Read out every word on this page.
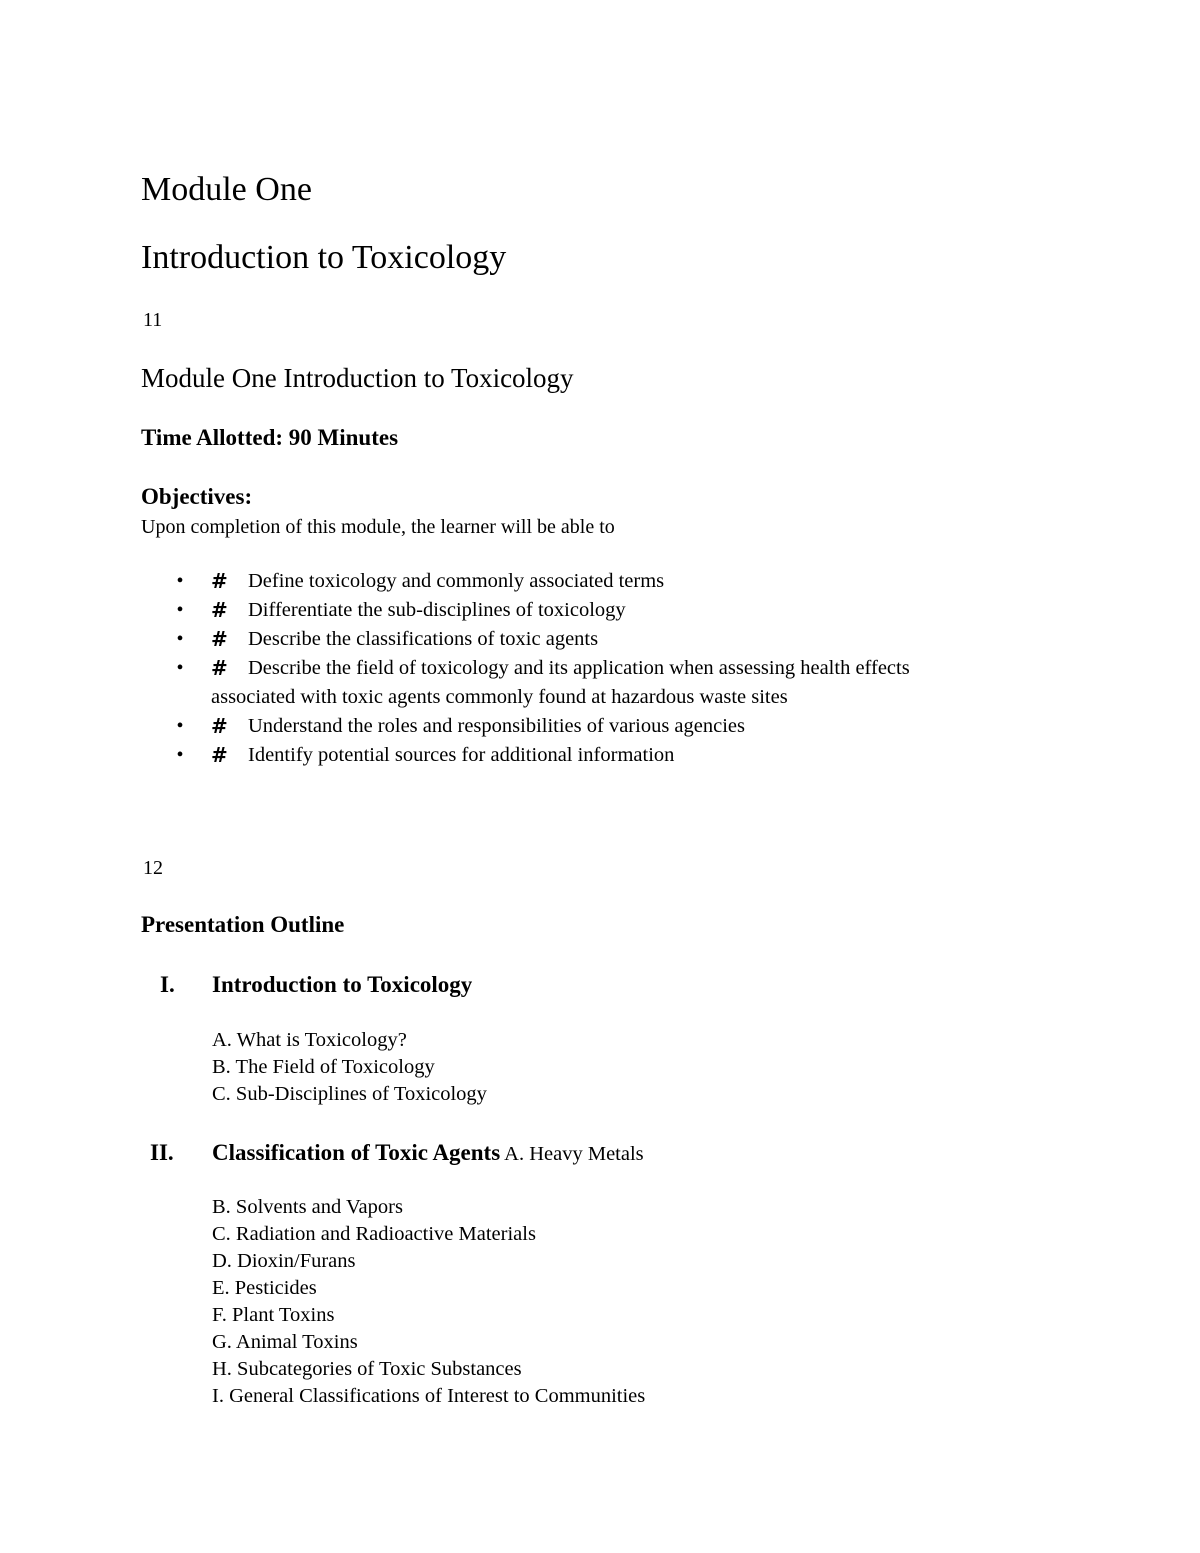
Module One
Introduction to Toxicology
11
Module One Introduction to Toxicology
Time Allotted: 90 Minutes
Objectives:
Upon completion of this module, the learner will be able to
• # Define toxicology and commonly associated terms
• # Differentiate the sub-disciplines of toxicology
• # Describe the classifications of toxic agents
• # Describe the field of toxicology and its application when assessing health effects
associated with toxic agents commonly found at hazardous waste sites
• # Understand the roles and responsibilities of various agencies
• # Identify potential sources for additional information
12
Presentation Outline
I. Introduction to Toxicology
A. What is Toxicology?
B. The Field of Toxicology
C. Sub-Disciplines of Toxicology
II. Classification of Toxic Agents A. Heavy Metals
B. Solvents and Vapors
C. Radiation and Radioactive Materials
D. Dioxin/Furans
E. Pesticides
F. Plant Toxins
G. Animal Toxins
H. Subcategories of Toxic Substances
I. General Classifications of Interest to Communities
